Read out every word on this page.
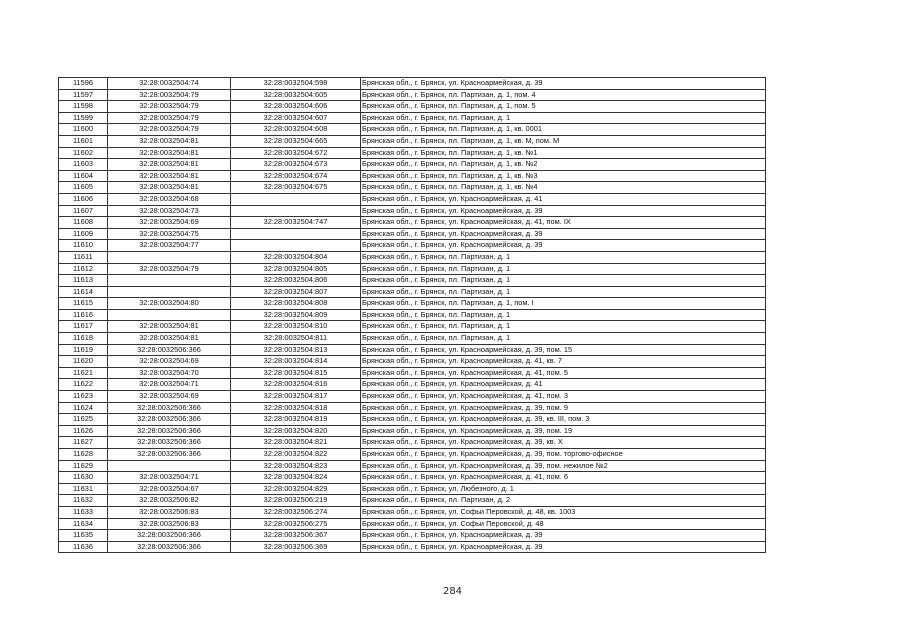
11596	32:28:0032504:74	32:28:0032504:598	Брянская обл., г. Брянск, ул. Красноармейская, д. 39
11597	32:28:0032504:79	32:28:0032504:605	Брянская обл., г. Брянск, пл. Партизан, д. 1, пом. 4
11598	32:28:0032504:79	32:28:0032504:606	Брянская обл., г. Брянск, пл. Партизан, д. 1, пом. 5
11599	32:28:0032504:79	32:28:0032504:607	Брянская обл., г. Брянск, пл. Партизан, д. 1
11600	32:28:0032504:79	32:28:0032504:608	Брянская обл., г. Брянск, пл. Партизан, д. 1, кв. 0001
11601	32:28:0032504:81	32:28:0032504:665	Брянская обл., г. Брянск, пл. Партизан, д. 1, кв. М, пом. М
11602	32:28:0032504:81	32:28:0032504:672	Брянская обл., г. Брянск, пл. Партизан, д. 1, кв. №1
11603	32:28:0032504:81	32:28:0032504:673	Брянская обл., г. Брянск, пл. Партизан, д. 1, кв. №2
11604	32:28:0032504:81	32:28:0032504:674	Брянская обл., г. Брянск, пл. Партизан, д. 1, кв. №3
11605	32:28:0032504:81	32:28:0032504:675	Брянская обл., г. Брянск, пл. Партизан, д. 1, кв. №4
11606	32:28:0032504:68		Брянская обл., г. Брянск, ул. Красноармейская, д. 41
11607	32:28:0032504:73		Брянская обл., г. Брянск, ул. Красноармейская, д. 39
11608	32:28:0032504:69	32:28:0032504:747	Брянская обл., г. Брянск, ул. Красноармейская, д. 41, пом. IX
11609	32:28:0032504:75		Брянская обл., г. Брянск, ул. Красноармейская, д. 39
11610	32:28:0032504:77		Брянская обл., г. Брянск, ул. Красноармейская, д. 39
11611		32:28:0032504:804	Брянская обл., г. Брянск, пл. Партизан, д. 1
11612	32:28:0032504:79	32:28:0032504:805	Брянская обл., г. Брянск, пл. Партизан, д. 1
11613		32:28:0032504:806	Брянская обл., г. Брянск, пл. Партизан, д. 1
11614		32:28:0032504:807	Брянская обл., г. Брянск, пл. Партизан, д. 1
11615	32:28:0032504:80	32:28:0032504:808	Брянская обл., г. Брянск, пл. Партизан, д. 1, пом. I
11616		32:28:0032504:809	Брянская обл., г. Брянск, пл. Партизан, д. 1
11617	32:28:0032504:81	32:28:0032504:810	Брянская обл., г. Брянск, пл. Партизан, д. 1
11618	32:28:0032504:81	32:28:0032504:811	Брянская обл., г. Брянск, пл. Партизан, д. 1
11619	32:28:0032506:366	32:28:0032504:813	Брянская обл., г. Брянск, ул. Красноармейская, д. 39, пом. 15
11620	32:28:0032504:69	32:28:0032504:814	Брянская обл., г. Брянск, ул. Красноармейская, д. 41, кв. 7
11621	32:28:0032504:70	32:28:0032504:815	Брянская обл., г. Брянск, ул. Красноармейская, д. 41, пом. 5
11622	32:28:0032504:71	32:28:0032504:816	Брянская обл., г. Брянск, ул. Красноармейская, д. 41
11623	32:28:0032504:69	32:28:0032504:817	Брянская обл., г. Брянск, ул. Красноармейская, д. 41, пом. 3
11624	32:28:0032506:366	32:28:0032504:818	Брянская обл., г. Брянск, ул. Красноармейская, д. 39, пом. 9
11625	32:28:0032506:366	32:28:0032504:819	Брянская обл., г. Брянск, ул. Красноармейская, д. 39, кв. III, пом. 3
11626	32:28:0032506:366	32:28:0032504:820	Брянская обл., г. Брянск, ул. Красноармейская, д. 39, пом. 19
11627	32:28:0032506:366	32:28:0032504:821	Брянская обл., г. Брянск, ул. Красноармейская, д. 39, кв. Х
11628	32:28:0032506:366	32:28:0032504:822	Брянская обл., г. Брянск, ул. Красноармейская, д. 39, пом. торгово-офисное
11629		32:28:0032504:823	Брянская обл., г. Брянск, ул. Красноармейская, д. 39, пом. нежилое №2
11630	32:28:0032504:71	32:28:0032504:824	Брянская обл., г. Брянск, ул. Красноармейская, д. 41, пом. 6
11631	32:28:0032504:67	32:28:0032504:829	Брянская обл., г. Брянск, ул. Любезного, д. 1
11632	32:28:0032506:82	32:28:0032506:219	Брянская обл., г. Брянск, пл. Партизан, д. 2
11633	32:28:0032506:83	32:28:0032506:274	Брянская обл., г. Брянск, ул. Софьи Перовской, д. 48, кв. 1003
11634	32:28:0032506:83	32:28:0032506:275	Брянская обл., г. Брянск, ул. Софьи Перовской, д. 48
11635	32:28:0032506:366	32:28:0032506:367	Брянская обл., г. Брянск, ул. Красноармейская, д. 39
11636	32:28:0032506:366	32:28:0032506:369	Брянская обл., г. Брянск, ул. Красноармейская, д. 39
284
